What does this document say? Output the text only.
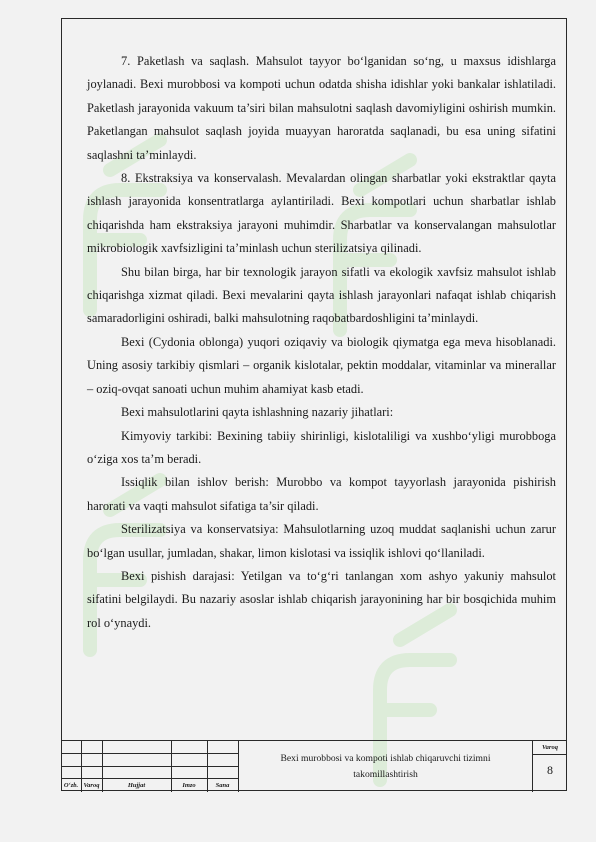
7. Paketlash va saqlash. Mahsulot tayyor bo‘lganidan so‘ng, u maxsus idishlarga joylanadi. Bexi murobbosi va kompoti uchun odatda shisha idishlar yoki bankalar ishlatiladi. Paketlash jarayonida vakuum ta’siri bilan mahsulotni saqlash davomiyligini oshirish mumkin. Paketlangan mahsulot saqlash joyida muayyan haroratda saqlanadi, bu esa uning sifatini saqlashni ta’minlaydi.

8. Ekstraksiya va konservalash. Mevalardan olingan sharbatlar yoki ekstraktlar qayta ishlash jarayonida konsentratlarga aylantiriladi. Bexi kompotlari uchun sharbatlar ishlab chiqarishda ham ekstraksiya jarayoni muhimdir. Sharbatlar va konservalangan mahsulotlar mikrobiologik xavfsizligini ta’minlash uchun sterilizatsiya qilinadi.

Shu bilan birga, har bir texnologik jarayon sifatli va ekologik xavfsiz mahsulot ishlab chiqarishga xizmat qiladi. Bexi mevalarini qayta ishlash jarayonlari nafaqat ishlab chiqarish samaradorligini oshiradi, balki mahsulotning raqobatbardoshligini ta’minlaydi.

Bexi (Cydonia oblonga) yuqori oziqaviy va biologik qiymatga ega meva hisoblanadi. Uning asosiy tarkibiy qismlari – organik kislotalar, pektin moddalar, vitaminlar va minerallar – oziq-ovqat sanoati uchun muhim ahamiyat kasb etadi.

Bexi mahsulotlarini qayta ishlashning nazariy jihatlari:

Kimyoviy tarkibi: Bexining tabiiy shirinligi, kislotaliligi va xushbo‘yligi murobboga o‘ziga xos ta’m beradi.

Issiqlik bilan ishlov berish: Murobbo va kompot tayyorlash jarayonida pishirish harorati va vaqti mahsulot sifatiga ta’sir qiladi.

Sterilizatsiya va konservatsiya: Mahsulotlarning uzoq muddat saqlanishi uchun zarur bo‘lgan usullar, jumladan, shakar, limon kislotasi va issiqlik ishlovi qo‘llaniladi.

Bexi pishish darajasi: Yetilgan va to‘g‘ri tanlangan xom ashyo yakuniy mahsulot sifatini belgilaydi. Bu nazariy asoslar ishlab chiqarish jarayonining har bir bosqichida muhim rol o‘ynaydi.

O‘zb. Varoq	Hujjat	Imzo	Sana
Bexi murobbosi va kompoti ishlab chiqaruvchi tizimni takomillashtirish
Varoq
8
